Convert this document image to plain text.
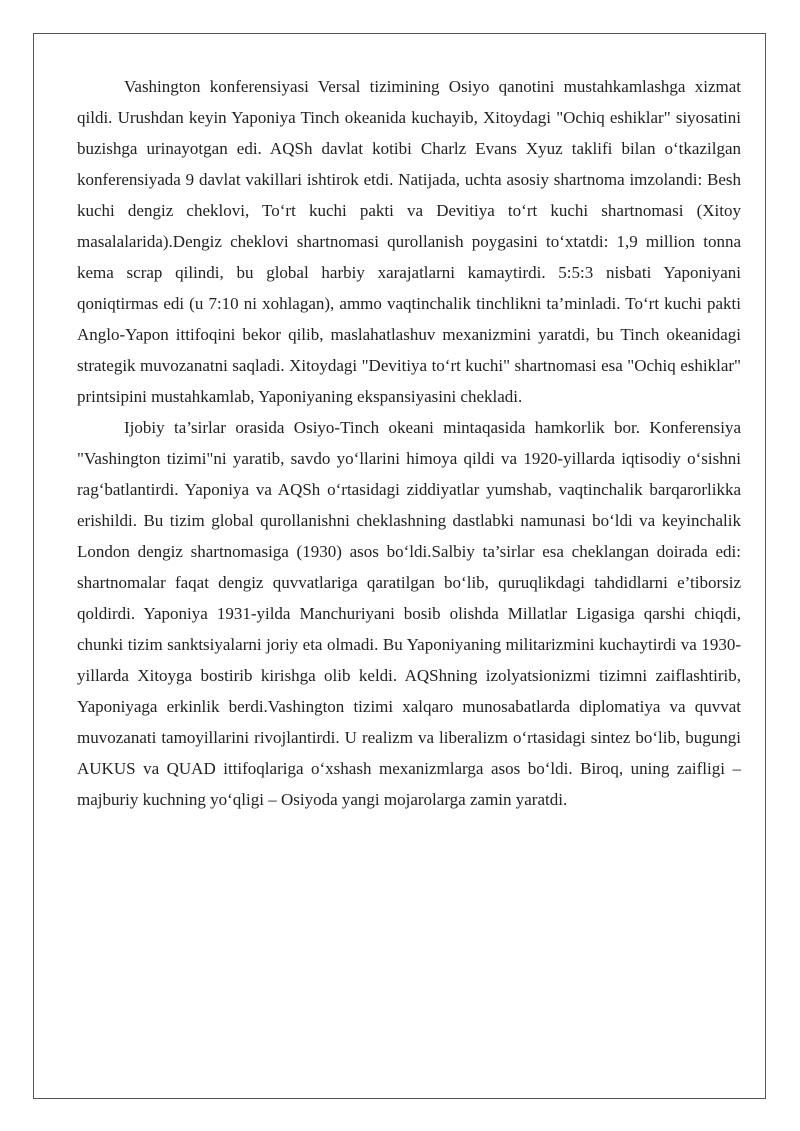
Vashington konferensiyasi Versal tizimining Osiyo qanotini mustahkamlashga xizmat qildi. Urushdan keyin Yaponiya Tinch okeanida kuchayib, Xitoydagi "Ochiq eshiklar" siyosatini buzishga urinayotgan edi. AQSh davlat kotibi Charlz Evans Xyuz taklifi bilan o‘tkazilgan konferensiyada 9 davlat vakillari ishtirok etdi. Natijada, uchta asosiy shartnoma imzolandi: Besh kuchi dengiz cheklovi, To‘rt kuchi pakti va Devitiya to‘rt kuchi shartnomasi (Xitoy masalalarida).Dengiz cheklovi shartnomasi qurollanish poygasini to‘xtatdi: 1,9 million tonna kema scrap qilindi, bu global harbiy xarajatlarni kamaytirdi. 5:5:3 nisbati Yaponiyani qoniqtirmas edi (u 7:10 ni xohlagan), ammo vaqtinchalik tinchlikni ta’minladi. To‘rt kuchi pakti Anglo-Yapon ittifoqini bekor qilib, maslahatlashuv mexanizmini yaratdi, bu Tinch okeanidagi strategik muvozanatni saqladi. Xitoydagi "Devitiya to‘rt kuchi" shartnomasi esa "Ochiq eshiklar" printsipini mustahkamlab, Yaponiyaning ekspansiyasini chekladi.

Ijobiy ta’sirlar orasida Osiyo-Tinch okeani mintaqasida hamkorlik bor. Konferensiya "Vashington tizimi"ni yaratib, savdo yo‘llarini himoya qildi va 1920-yillarda iqtisodiy o‘sishni rag‘batlantirdi. Yaponiya va AQSh o‘rtasidagi ziddiyatlar yumshab, vaqtinchalik barqarorlikka erishildi. Bu tizim global qurollanishni cheklashning dastlabki namunasi bo‘ldi va keyinchalik London dengiz shartnomasiga (1930) asos bo‘ldi.Salbiy ta’sirlar esa cheklangan doirada edi: shartnomalar faqat dengiz quvvatlariga qaratilgan bo‘lib, quruqlikdagi tahdidlarni e’tiborsiz qoldirdi. Yaponiya 1931-yilda Manchuriyani bosib olishda Millatlar Ligasiga qarshi chiqdi, chunki tizim sanktsiyalarni joriy eta olmadi. Bu Yaponiyaning militarizmini kuchaytirdi va 1930-yillarda Xitoyga bostirib kirishga olib keldi. AQShning izolyatsionizmi tizimni zaiflashtirib, Yaponiyaga erkinlik berdi.Vashington tizimi xalqaro munosabatlarda diplomatiya va quvvat muvozanati tamoyillarini rivojlantirdi. U realizm va liberalizm o‘rtasidagi sintez bo‘lib, bugungi AUKUS va QUAD ittifoqlariga o‘xshash mexanizmlarga asos bo‘ldi. Biroq, uning zaifligi – majburiy kuchning yo‘qligi – Osiyoda yangi mojarolarga zamin yaratdi.
